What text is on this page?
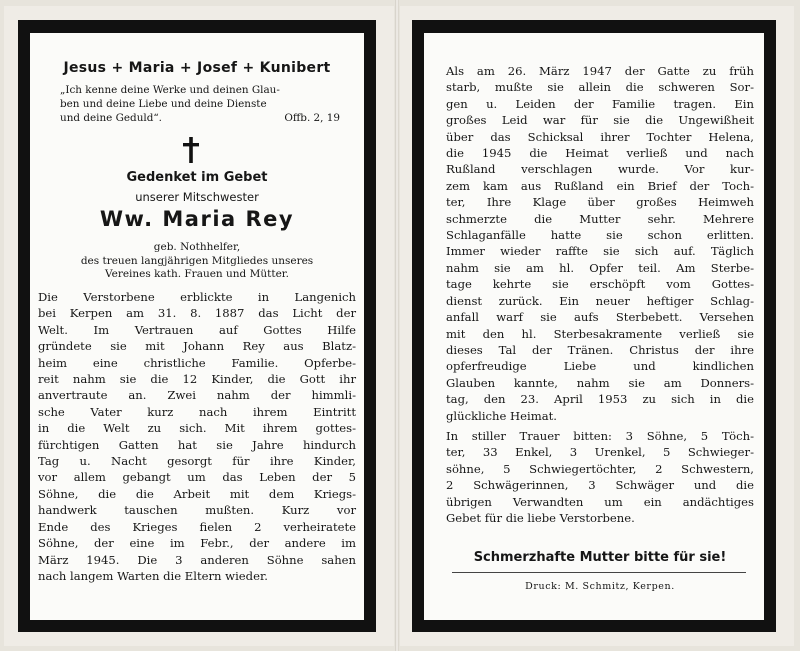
Jesus + Maria + Josef + Kunibert
„Ich kenne deine Werke und deinen Glau-
ben und deine Liebe und deine Dienste
und deine Geduld“.	Offb. 2, 19
Gedenket im Gebet
unserer Mitschwester
Ww. Maria Rey
geb. Nothhelfer,
des treuen langjährigen Mitgliedes unseres
Vereines kath. Frauen und Mütter.
Die Verstorbene erblickte in Langenich
bei Kerpen am 31. 8. 1887 das Licht der
Welt. Im Vertrauen auf Gottes Hilfe
gründete sie mit Johann Rey aus Blatz-
heim eine christliche Familie. Opferbe-
reit nahm sie die 12 Kinder, die Gott ihr
anvertraute an. Zwei nahm der himmli-
sche Vater kurz nach ihrem Eintritt
in die Welt zu sich. Mit ihrem gottes-
fürchtigen Gatten hat sie Jahre hindurch
Tag u. Nacht gesorgt für ihre Kinder,
vor allem gebangt um das Leben der 5
Söhne, die die Arbeit mit dem Kriegs-
handwerk tauschen mußten. Kurz vor
Ende des Krieges fielen 2 verheiratete
Söhne, der eine im Febr., der andere im
März 1945. Die 3 anderen Söhne sahen
nach langem Warten die Eltern wieder.
Als am 26. März 1947 der Gatte zu früh
starb, mußte sie allein die schweren Sor-
gen u. Leiden der Familie tragen. Ein
großes Leid war für sie die Ungewißheit
über das Schicksal ihrer Tochter Helena,
die 1945 die Heimat verließ und nach
Rußland verschlagen wurde. Vor kur-
zem kam aus Rußland ein Brief der Toch-
ter, Ihre Klage über großes Heimweh
schmerzte die Mutter sehr. Mehrere
Schlaganfälle hatte sie schon erlitten.
Immer wieder raffte sie sich auf. Täglich
nahm sie am hl. Opfer teil. Am Sterbe-
tage kehrte sie erschöpft vom Gottes-
dienst zurück. Ein neuer heftiger Schlag-
anfall warf sie aufs Sterbebett. Versehen
mit den hl. Sterbesakramente verließ sie
dieses Tal der Tränen. Christus der ihre
opferfreudige Liebe und kindlichen
Glauben kannte, nahm sie am Donners-
tag, den 23. April 1953 zu sich in die
glückliche Heimat.
In stiller Trauer bitten: 3 Söhne, 5 Töch-
ter, 33 Enkel, 3 Urenkel, 5 Schwieger-
söhne, 5 Schwiegertöchter, 2 Schwestern,
2 Schwägerinnen, 3 Schwäger und die
übrigen Verwandten um ein andächtiges
Gebet für die liebe Verstorbene.
Schmerzhafte Mutter bitte für sie!
Druck: M. Schmitz, Kerpen.
